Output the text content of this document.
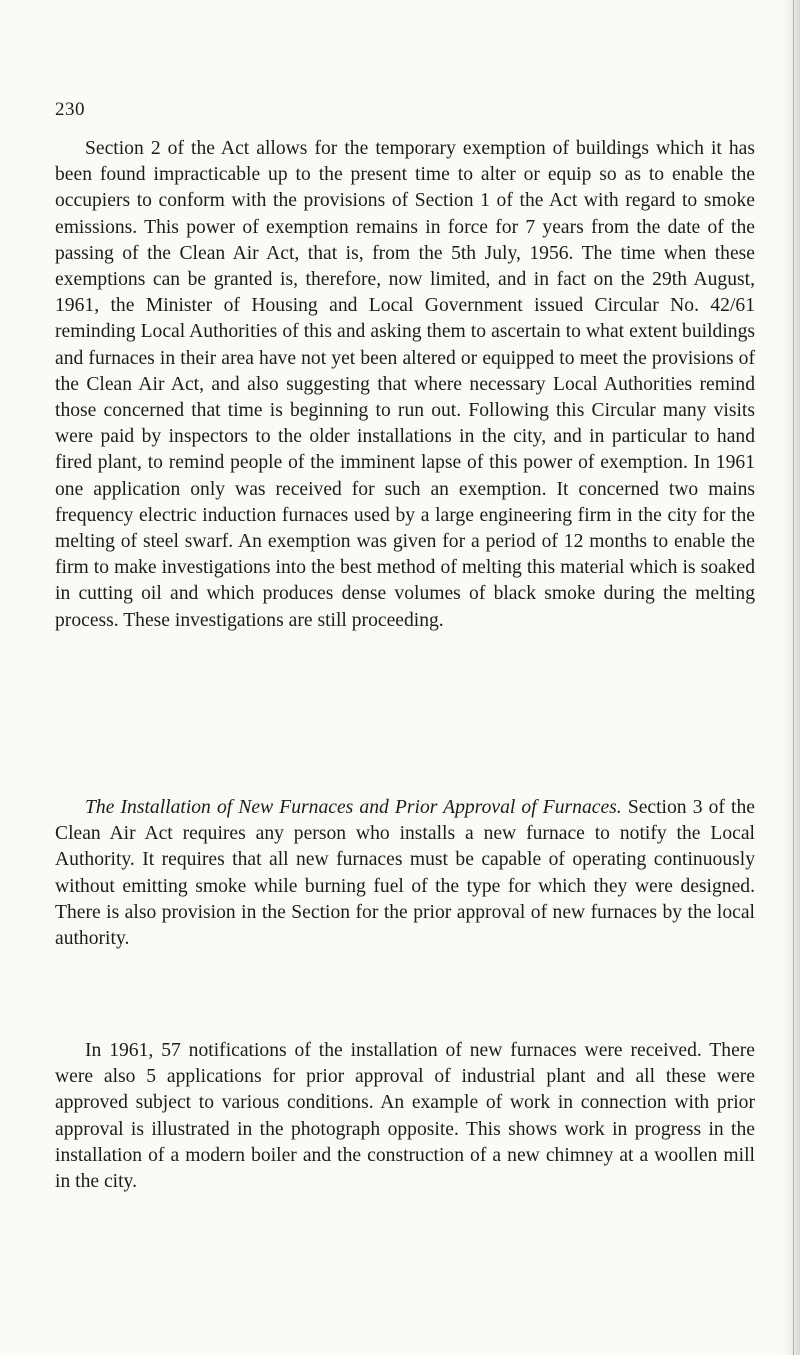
230

Section 2 of the Act allows for the temporary exemption of buildings which it has been found impracticable up to the present time to alter or equip so as to enable the occupiers to conform with the provisions of Section 1 of the Act with regard to smoke emissions. This power of exemption remains in force for 7 years from the date of the passing of the Clean Air Act, that is, from the 5th July, 1956. The time when these exemptions can be granted is, therefore, now limited, and in fact on the 29th August, 1961, the Minister of Housing and Local Government issued Circular No. 42/61 reminding Local Authorities of this and asking them to ascertain to what extent buildings and furnaces in their area have not yet been altered or equipped to meet the provisions of the Clean Air Act, and also suggesting that where necessary Local Authorities remind those concerned that time is beginning to run out. Following this Circular many visits were paid by inspectors to the older installations in the city, and in particular to hand fired plant, to remind people of the imminent lapse of this power of exemption. In 1961 one application only was received for such an exemption. It concerned two mains frequency electric induction furnaces used by a large engineering firm in the city for the melting of steel swarf. An exemption was given for a period of 12 months to enable the firm to make investigations into the best method of melting this material which is soaked in cutting oil and which produces dense volumes of black smoke during the melting process. These investigations are still proceeding.

The Installation of New Furnaces and Prior Approval of Furnaces. Section 3 of the Clean Air Act requires any person who installs a new furnace to notify the Local Authority. It requires that all new furnaces must be capable of operating continuously without emitting smoke while burning fuel of the type for which they were designed. There is also provision in the Section for the prior approval of new furnaces by the local authority.

In 1961, 57 notifications of the installation of new furnaces were received. There were also 5 applications for prior approval of industrial plant and all these were approved subject to various conditions. An example of work in connection with prior approval is illustrated in the photograph opposite. This shows work in progress in the installation of a modern boiler and the construction of a new chimney at a woollen mill in the city.
